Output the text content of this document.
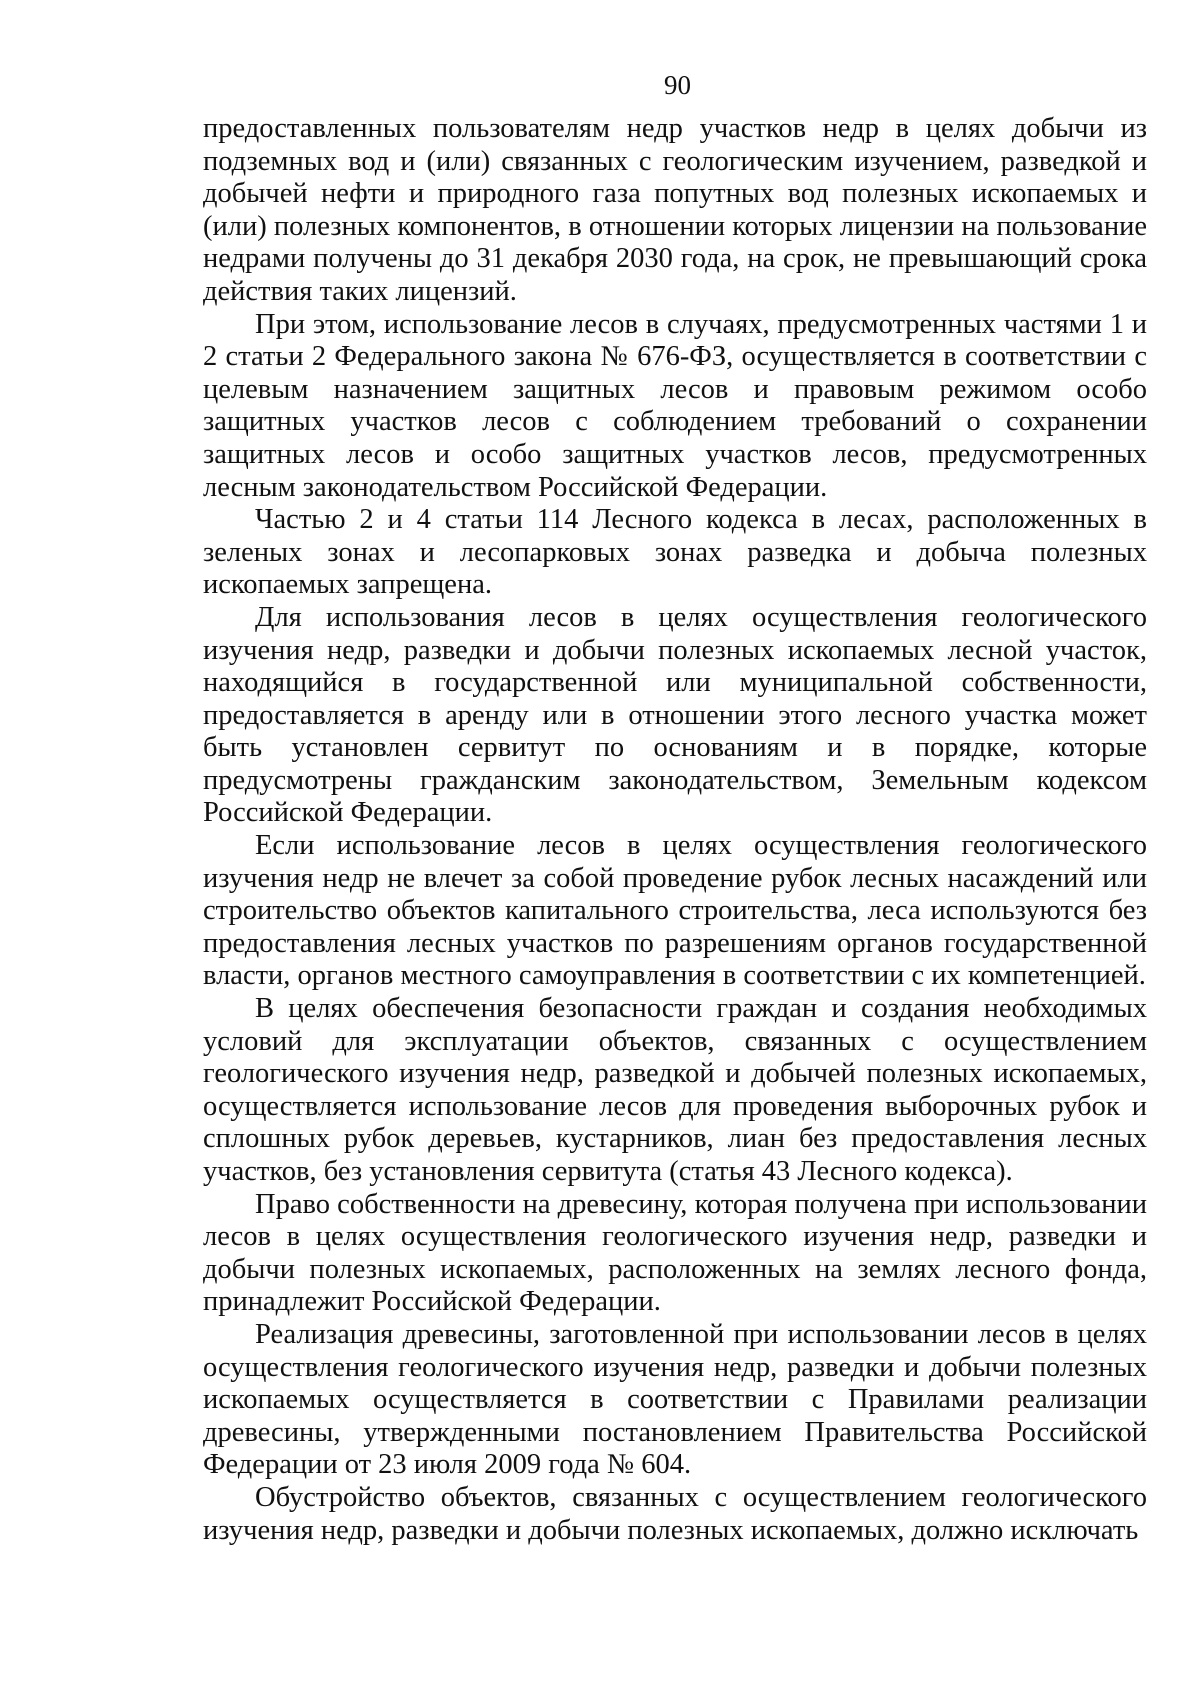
90

предоставленных пользователям недр участков недр в целях добычи из подземных вод и (или) связанных с геологическим изучением, разведкой и добычей нефти и природного газа попутных вод полезных ископаемых и (или) полезных компонентов, в отношении которых лицензии на пользование недрами получены до 31 декабря 2030 года, на срок, не превышающий срока действия таких лицензий.

При этом, использование лесов в случаях, предусмотренных частями 1 и 2 статьи 2 Федерального закона № 676-ФЗ, осуществляется в соответствии с целевым назначением защитных лесов и правовым режимом особо защитных участков лесов с соблюдением требований о сохранении защитных лесов и особо защитных участков лесов, предусмотренных лесным законодательством Российской Федерации.

Частью 2 и 4 статьи 114 Лесного кодекса в лесах, расположенных в зеленых зонах и лесопарковых зонах разведка и добыча полезных ископаемых запрещена.

Для использования лесов в целях осуществления геологического изучения недр, разведки и добычи полезных ископаемых лесной участок, находящийся в государственной или муниципальной собственности, предоставляется в аренду или в отношении этого лесного участка может быть установлен сервитут по основаниям и в порядке, которые предусмотрены гражданским законодательством, Земельным кодексом Российской Федерации.

Если использование лесов в целях осуществления геологического изучения недр не влечет за собой проведение рубок лесных насаждений или строительство объектов капитального строительства, леса используются без предоставления лесных участков по разрешениям органов государственной власти, органов местного самоуправления в соответствии с их компетенцией.

В целях обеспечения безопасности граждан и создания необходимых условий для эксплуатации объектов, связанных с осуществлением геологического изучения недр, разведкой и добычей полезных ископаемых, осуществляется использование лесов для проведения выборочных рубок и сплошных рубок деревьев, кустарников, лиан без предоставления лесных участков, без установления сервитута (статья 43 Лесного кодекса).

Право собственности на древесину, которая получена при использовании лесов в целях осуществления геологического изучения недр, разведки и добычи полезных ископаемых, расположенных на землях лесного фонда, принадлежит Российской Федерации.

Реализация древесины, заготовленной при использовании лесов в целях осуществления геологического изучения недр, разведки и добычи полезных ископаемых осуществляется в соответствии с Правилами реализации древесины, утвержденными постановлением Правительства Российской Федерации от 23 июля 2009 года № 604.

Обустройство объектов, связанных с осуществлением геологического изучения недр, разведки и добычи полезных ископаемых, должно исключать
